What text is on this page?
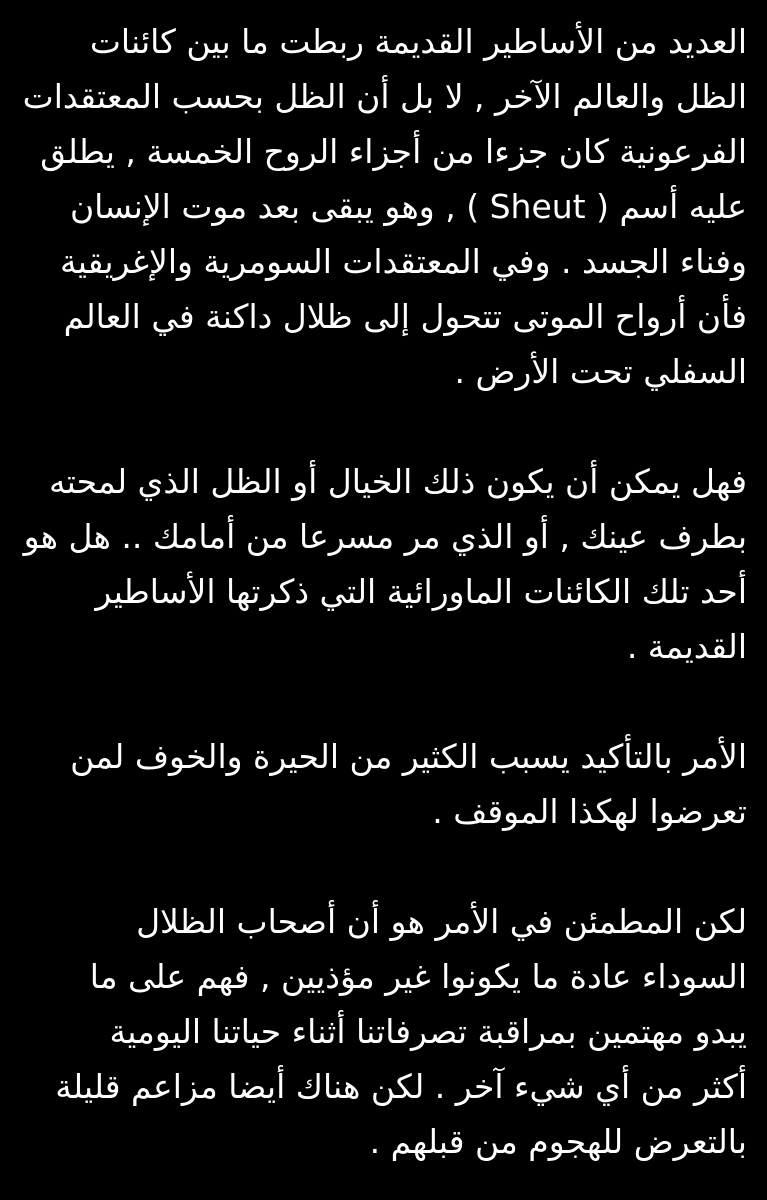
العديد من الأساطير القديمة ربطت ما بين كائنات
الظل والعالم الآخر , لا بل أن الظل بحسب المعتقدات
الفرعونية كان جزءا من أجزاء الروح الخمسة , يطلق
عليه أسم ( Sheut ) , وهو يبقى بعد موت الإنسان
وفناء الجسد . وفي المعتقدات السومرية والإغريقية
فأن أرواح الموتى تتحول إلى ظلال داكنة في العالم
السفلي تحت الأرض .
فهل يمكن أن يكون ذلك الخيال أو الظل الذي لمحته
بطرف عينك , أو الذي مر مسرعا من أمامك .. هل هو
أحد تلك الكائنات الماورائية التي ذكرتها الأساطير
القديمة .
الأمر بالتأكيد يسبب الكثير من الحيرة والخوف لمن
تعرضوا لهكذا الموقف .
لكن المطمئن في الأمر هو أن أصحاب الظلال
السوداء عادة ما يكونوا غير مؤذيين , فهم على ما
يبدو مهتمين بمراقبة تصرفاتنا أثناء حياتنا اليومية
أكثر من أي شيء آخر . لكن هناك أيضا مزاعم قليلة
بالتعرض للهجوم من قبلهم .
